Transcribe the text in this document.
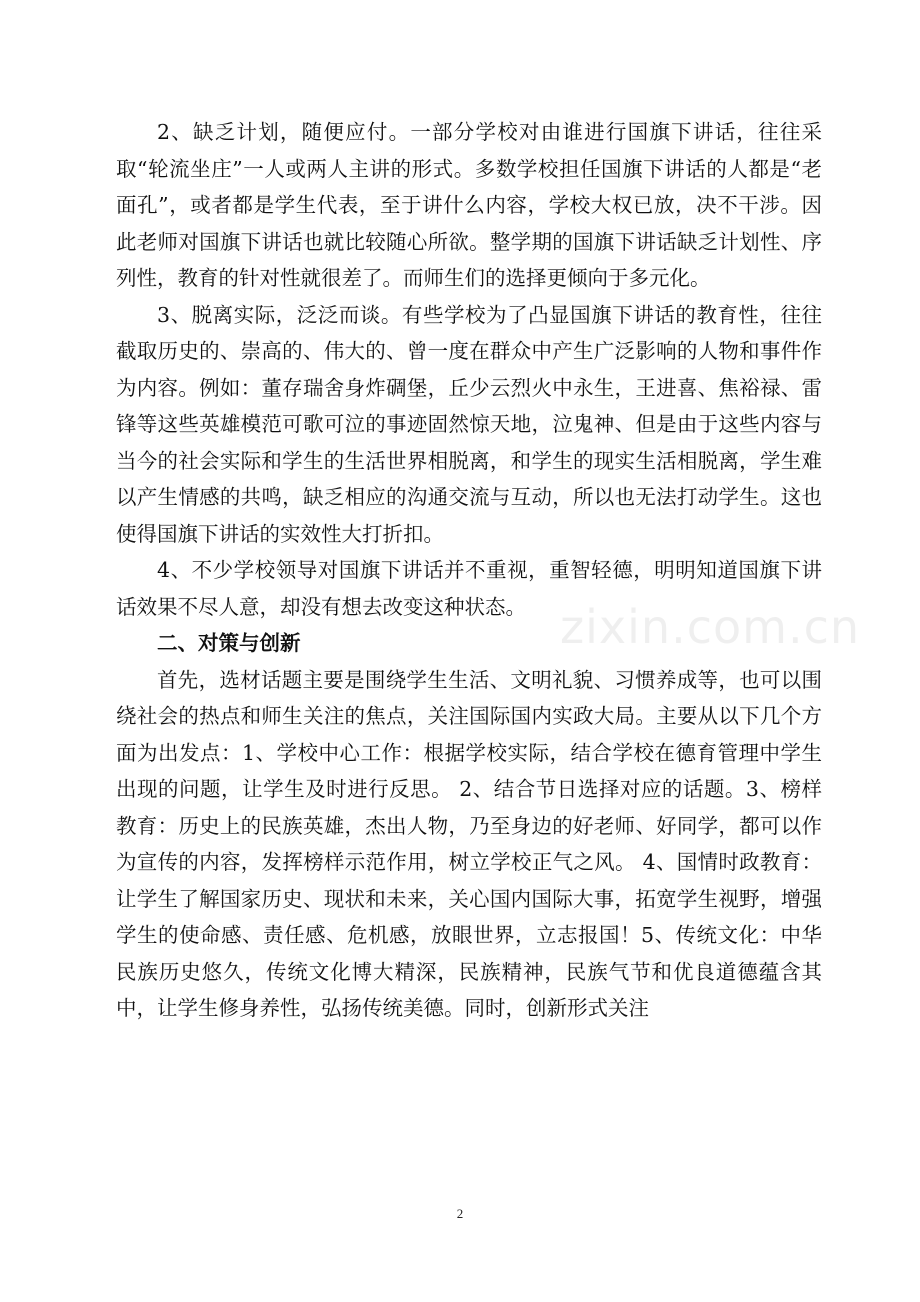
2、缺乏计划，随便应付。一部分学校对由谁进行国旗下讲话，往往采取“轮流坐庄”一人或两人主讲的形式。多数学校担任国旗下讲话的人都是“老面孔”，或者都是学生代表，至于讲什么内容，学校大权已放，决不干涉。因此老师对国旗下讲话也就比较随心所欲。整学期的国旗下讲话缺乏计划性、序列性，教育的针对性就很差了。而师生们的选择更倾向于多元化。

3、脱离实际，泛泛而谈。有些学校为了凸显国旗下讲话的教育性，往往截取历史的、崇高的、伟大的、曾一度在群众中产生广泛影响的人物和事件作为内容。例如：董存瑞舍身炸碉堡，丘少云烈火中永生，王进喜、焦裕禄、雷锋等这些英雄模范可歌可泣的事迹固然惊天地，泣鬼神、但是由于这些内容与当今的社会实际和学生的生活世界相脱离，和学生的现实生活相脱离，学生难以产生情感的共鸣，缺乏相应的沟通交流与互动，所以也无法打动学生。这也使得国旗下讲话的实效性大打折扣。

4、不少学校领导对国旗下讲话并不重视，重智轻德，明明知道国旗下讲话效果不尽人意，却没有想去改变这种状态。

二、对策与创新

首先，选材话题主要是围绕学生生活、文明礼貌、习惯养成等，也可以围绕社会的热点和师生关注的焦点，关注国际国内实政大局。主要从以下几个方面为出发点：1、学校中心工作：根据学校实际，结合学校在德育管理中学生出现的问题，让学生及时进行反思。 2、结合节日选择对应的话题。3、榜样教育：历史上的民族英雄，杰出人物，乃至身边的好老师、好同学，都可以作为宣传的内容，发挥榜样示范作用，树立学校正气之风。 4、国情时政教育：让学生了解国家历史、现状和未来，关心国内国际大事，拓宽学生视野，增强学生的使命感、责任感、危机感，放眼世界，立志报国！5、传统文化：中华民族历史悠久，传统文化博大精深，民族精神，民族气节和优良道德蕴含其中，让学生修身养性，弘扬传统美德。同时，创新形式关注

zixin.com.cn
2
